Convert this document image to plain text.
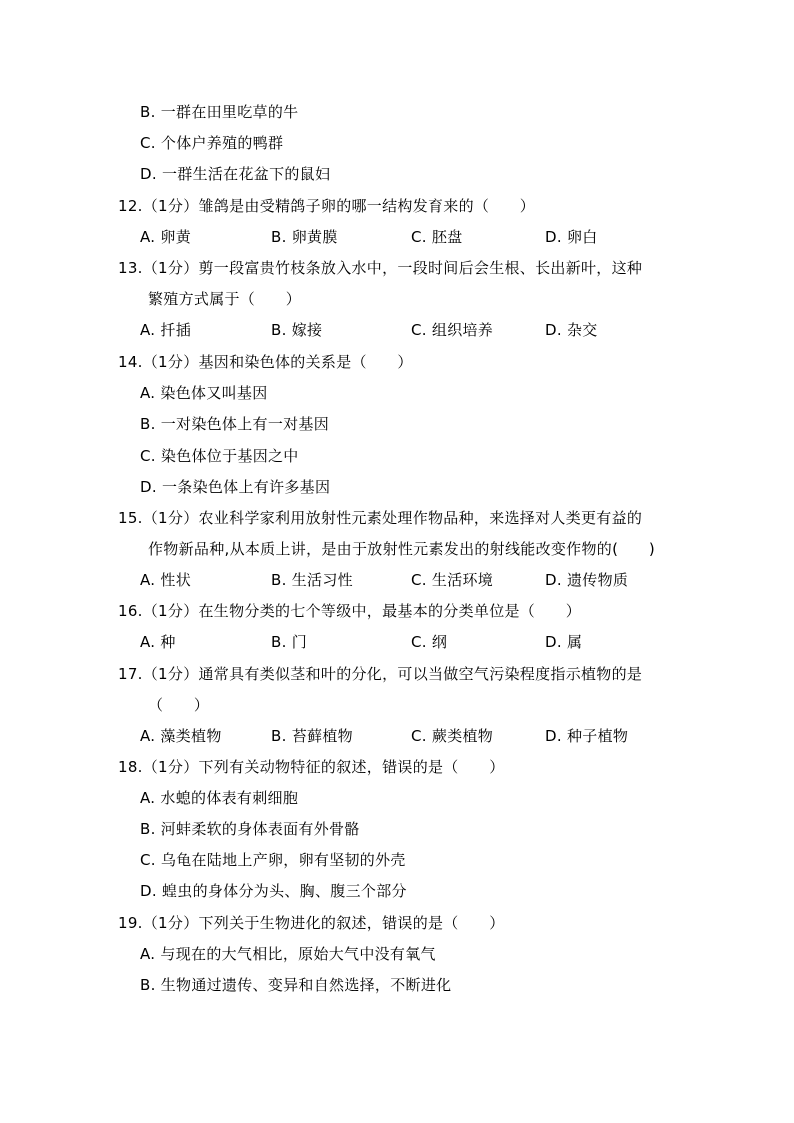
B. 一群在田里吃草的牛
C. 个体户养殖的鸭群
D. 一群生活在花盆下的鼠妇
12.（1分）雏鸽是由受精鸽子卵的哪一结构发育来的（　　）
A. 卵黄	B. 卵黄膜	C. 胚盘	D. 卵白
13.（1分）剪一段富贵竹枝条放入水中，一段时间后会生根、长出新叶，这种
繁殖方式属于（　　）
A. 扦插	B. 嫁接	C. 组织培养	D. 杂交
14.（1分）基因和染色体的关系是（　　）
A. 染色体又叫基因
B. 一对染色体上有一对基因
C. 染色体位于基因之中
D. 一条染色体上有许多基因
15.（1分）农业科学家利用放射性元素处理作物品种，来选择对人类更有益的
作物新品种,从本质上讲，是由于放射性元素发出的射线能改变作物的(　　)
A. 性状	B. 生活习性	C. 生活环境	D. 遗传物质
16.（1分）在生物分类的七个等级中，最基本的分类单位是（　　）
A. 种	B. 门	C. 纲	D. 属
17.（1分）通常具有类似茎和叶的分化，可以当做空气污染程度指示植物的是
（　　）
A. 藻类植物	B. 苔藓植物	C. 蕨类植物	D. 种子植物
18.（1分）下列有关动物特征的叙述，错误的是（　　）
A. 水螅的体表有刺细胞
B. 河蚌柔软的身体表面有外骨骼
C. 乌龟在陆地上产卵，卵有坚韧的外壳
D. 蝗虫的身体分为头、胸、腹三个部分
19.（1分）下列关于生物进化的叙述，错误的是（　　）
A. 与现在的大气相比，原始大气中没有氧气
B. 生物通过遗传、变异和自然选择，不断进化
